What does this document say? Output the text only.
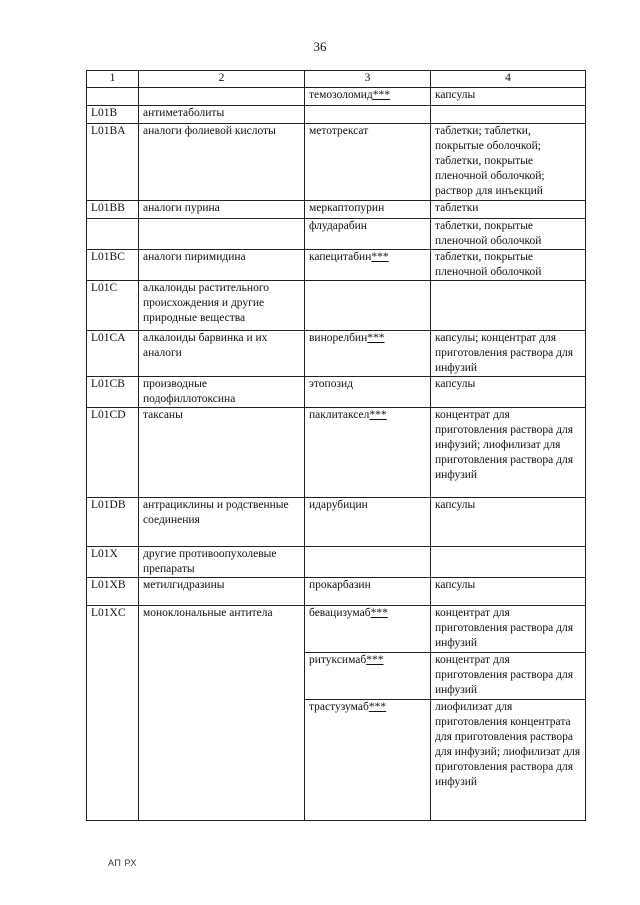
36
1	2	3	4
		темозоломид***	капсулы
L01B	антиметаболиты		
L01BA	аналоги фолиевой кислоты	метотрексат	таблетки; таблетки, покрытые оболочкой; таблетки, покрытые пленочной оболочкой; раствор для инъекций
L01BB	аналоги пурина	меркаптопурин	таблетки
		флударабин	таблетки, покрытые пленочной оболочкой
L01BC	аналоги пиримидина	капецитабин***	таблетки, покрытые пленочной оболочкой
L01C	алкалоиды растительного происхождения и другие природные вещества		
L01CA	алкалоиды барвинка и их аналоги	винорелбин***	капсулы; концентрат для приготовления раствора для инфузий
L01CB	производные подофиллотоксина	этопозид	капсулы
L01CD	таксаны	паклитаксел***	концентрат для приготовления раствора для инфузий; лиофилизат для приготовления раствора для инфузий
L01DB	антрациклины и родственные соединения	идарубицин	капсулы
L01X	другие противоопухолевые препараты		
L01XB	метилгидразины	прокарбазин	капсулы
L01XC	моноклональные антитела	бевацизумаб***	концентрат для приготовления раствора для инфузий
		ритуксимаб***	концентрат для приготовления раствора для инфузий
		трастузумаб***	лиофилизат для приготовления концентрата для приготовления раствора для инфузий; лиофилизат для приготовления раствора для инфузий
АП РХ
